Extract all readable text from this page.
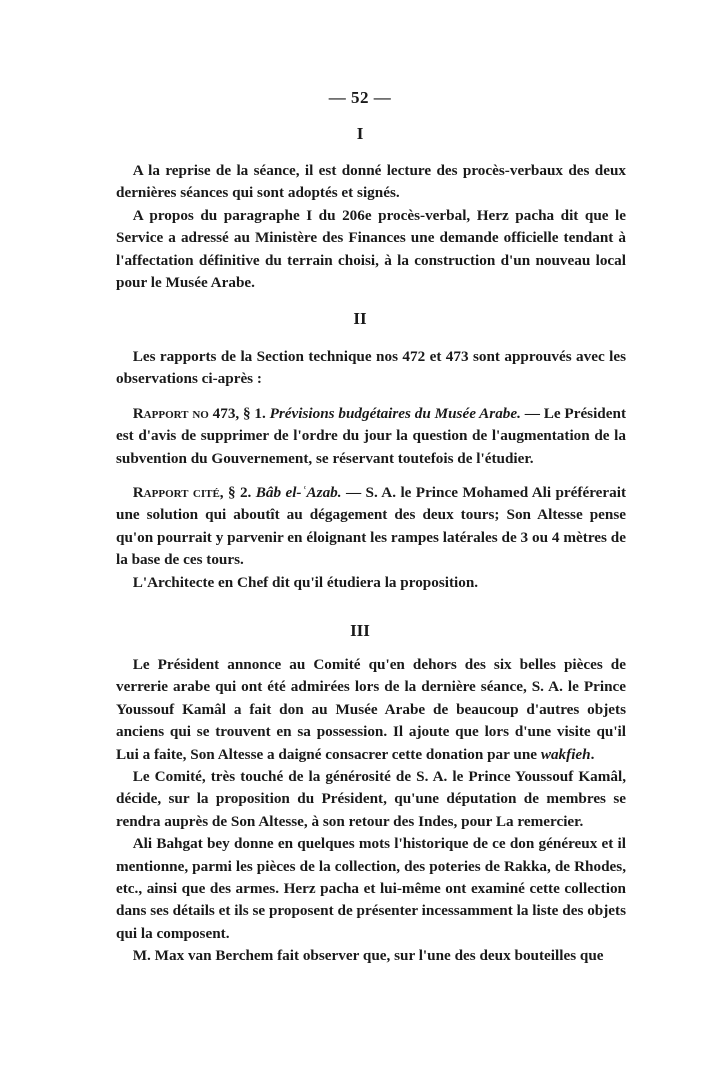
— 52 —
I

A la reprise de la séance, il est donné lecture des procès-verbaux des deux dernières séances qui sont adoptés et signés.

A propos du paragraphe I du 206e procès-verbal, Herz pacha dit que le Service a adressé au Ministère des Finances une demande officielle tendant à l'affectation définitive du terrain choisi, à la construction d'un nouveau local pour le Musée Arabe.

II

Les rapports de la Section technique nos 472 et 473 sont approuvés avec les observations ci-après :

Rapport no 473, § 1. Prévisions budgétaires du Musée Arabe. — Le Président est d'avis de supprimer de l'ordre du jour la question de l'augmentation de la subvention du Gouvernement, se réservant toutefois de l'étudier.

Rapport cité, § 2. Bâb el-ʿAzab. — S. A. le Prince Mohamed Ali préférerait une solution qui aboutît au dégagement des deux tours; Son Altesse pense qu'on pourrait y parvenir en éloignant les rampes latérales de 3 ou 4 mètres de la base de ces tours.

L'Architecte en Chef dit qu'il étudiera la proposition.

III

Le Président annonce au Comité qu'en dehors des six belles pièces de verrerie arabe qui ont été admirées lors de la dernière séance, S. A. le Prince Youssouf Kamâl a fait don au Musée Arabe de beaucoup d'autres objets anciens qui se trouvent en sa possession. Il ajoute que lors d'une visite qu'il Lui a faite, Son Altesse a daigné consacrer cette donation par une wakfieh.

Le Comité, très touché de la générosité de S. A. le Prince Youssouf Kamâl, décide, sur la proposition du Président, qu'une députation de membres se rendra auprès de Son Altesse, à son retour des Indes, pour La remercier.

Ali Bahgat bey donne en quelques mots l'historique de ce don généreux et il mentionne, parmi les pièces de la collection, des poteries de Rakka, de Rhodes, etc., ainsi que des armes. Herz pacha et lui-même ont examiné cette collection dans ses détails et ils se proposent de présenter incessamment la liste des objets qui la composent.

M. Max van Berchem fait observer que, sur l'une des deux bouteilles que
